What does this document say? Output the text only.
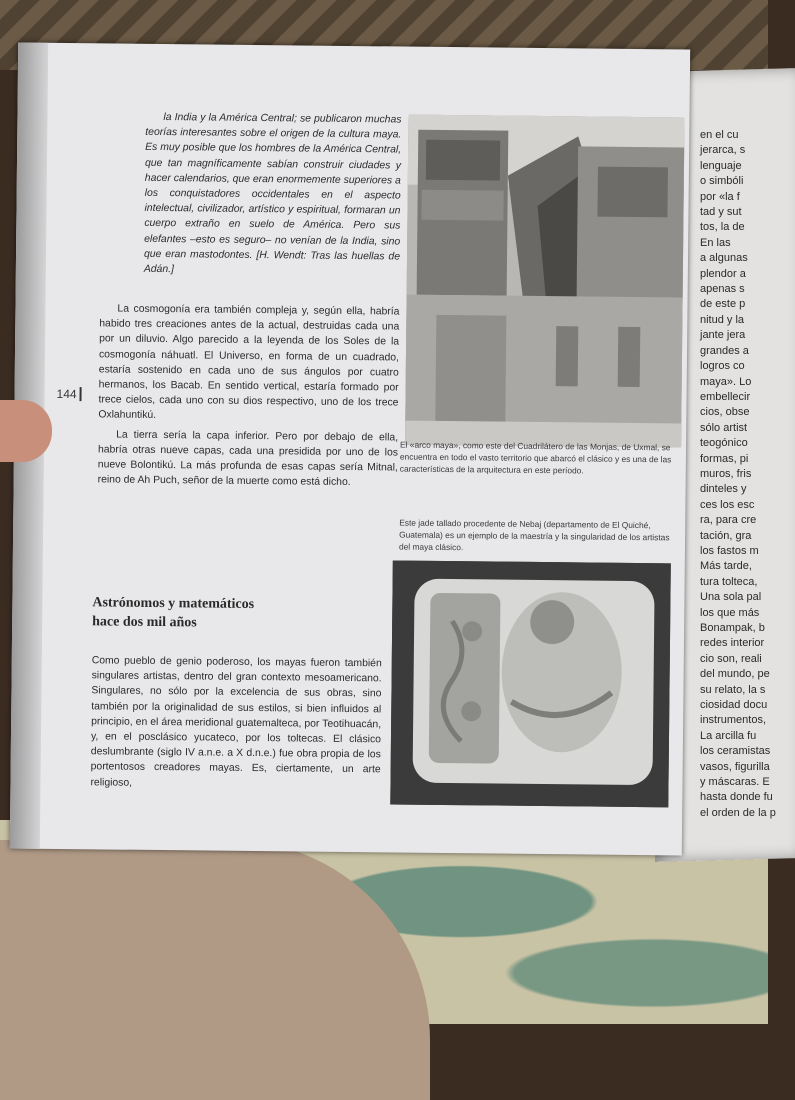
en el cu
jerarca, s
lenguaje
o simbóli
por «la f
tad y sut
tos, la de
En las
a algunas
plendor a
apenas s
de este p
nitud y la
jante jera
grandes a
logros co
maya». Lo
embellecir
cios, obse
sólo artist
teogónico
formas, pi
muros, fris
dinteles y
ces los esc
ra, para cre
tación, gra
los fastos m
Más tarde,
tura tolteca,
Una sola pal
los que más
Bonampak, b
redes interior
cio son, reali
del mundo, pe
su relato, la s
ciosidad docu
instrumentos,
La arcilla fu
los ceramistas
vasos, figurilla
y máscaras. E
hasta donde fu
el orden de la p

la India y la América Central; se publicaron muchas teorías interesantes sobre el origen de la cultura maya. Es muy posible que los hombres de la América Central, que tan magníficamente sabían construir ciudades y hacer calendarios, que eran enormemente superiores a los conquistadores occidentales en el aspecto intelectual, civilizador, artístico y espiritual, formaran un cuerpo extraño en suelo de América. Pero sus elefantes –esto es seguro– no venían de la India, sino que eran mastodontes. [H. Wendt: Tras las huellas de Adán.]

La cosmogonía era también compleja y, según ella, habría habido tres creaciones antes de la actual, destruidas cada una por un diluvio. Algo parecido a la leyenda de los Soles de la cosmogonía náhuatl. El Universo, en forma de un cuadrado, estaría sostenido en cada uno de sus ángulos por cuatro hermanos, los Bacab. En sentido vertical, estaría formado por trece cielos, cada uno con su dios respectivo, uno de los trece Oxlahuntikú.

La tierra sería la capa inferior. Pero por debajo de ella, habría otras nueve capas, cada una presidida por uno de los nueve Bolontikú. La más profunda de esas capas sería Mitnal, reino de Ah Puch, señor de la muerte como está dicho.

144
Astrónomos y matemáticos
hace dos mil años

Como pueblo de genio poderoso, los mayas fueron también singulares artistas, dentro del gran contexto mesoamericano. Singulares, no sólo por la excelencia de sus obras, sino también por la originalidad de sus estilos, si bien influidos al principio, en el área meridional guatemalteca, por Teotihuacán, y, en el posclásico yucateco, por los toltecas. El clásico deslumbrante (siglo IV a.n.e. a X d.n.e.) fue obra propia de los portentosos creadores mayas. Es, ciertamente, un arte religioso,

El «arco maya», como este del Cuadrilátero de las Monjas, de Uxmal, se encuentra en todo el vasto territorio que abarcó el clásico y es una de las características de la arquitectura en este período.
Este jade tallado procedente de Nebaj (departamento de El Quiché, Guatemala) es un ejemplo de la maestría y la singularidad de los artistas del maya clásico.
